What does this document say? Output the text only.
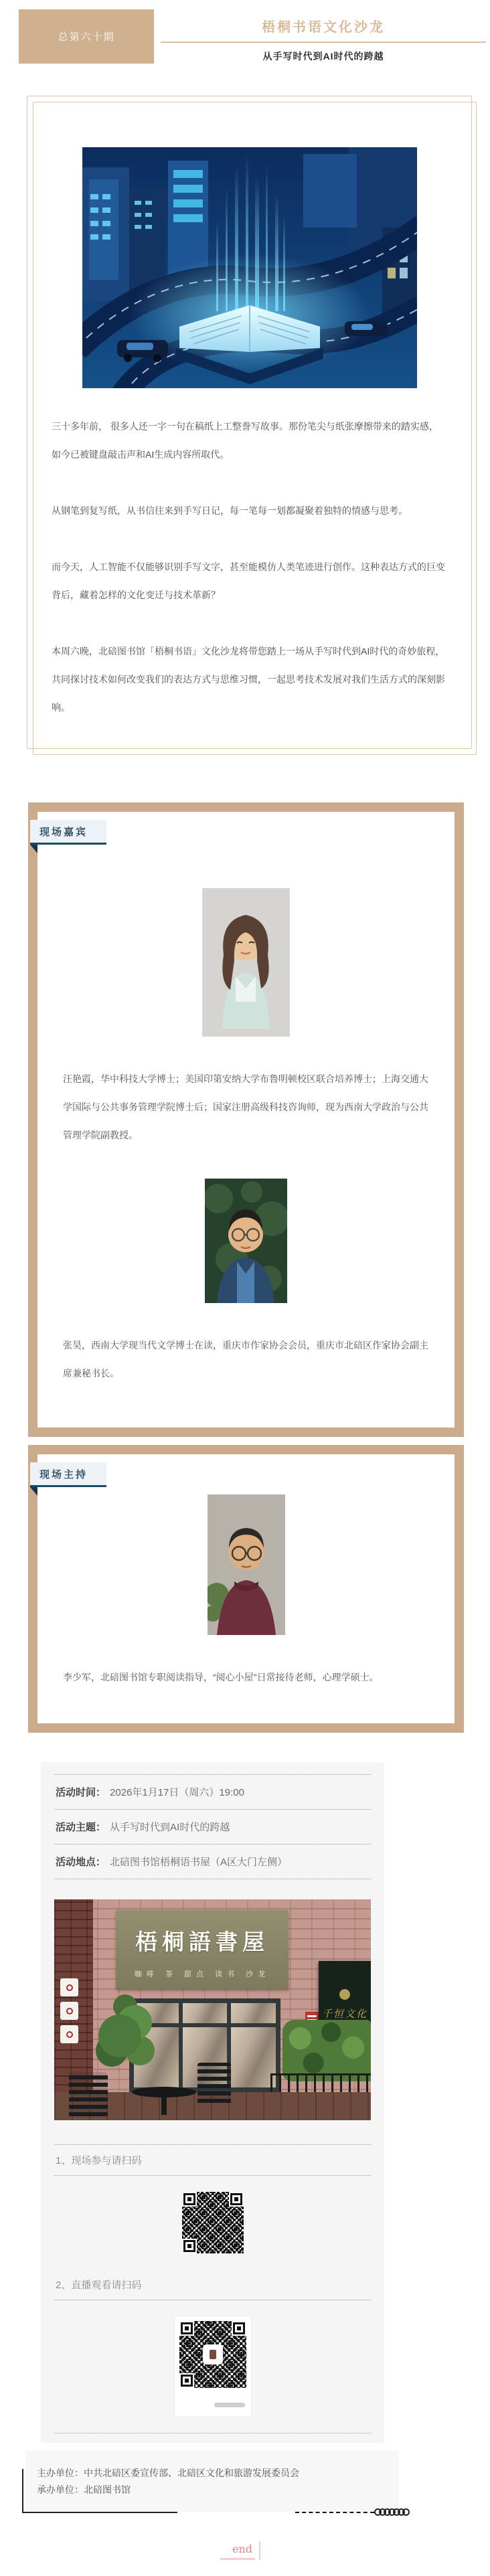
总第六十期
梧桐书语文化沙龙
从手写时代到AI时代的跨越

三十多年前， 很多人还一字一句在稿纸上工整誊写故事。那份笔尖与纸张摩擦带来的踏实感，如今已被键盘敲击声和AI生成内容所取代。

从钢笔到复写纸，从书信往来到手写日记，每一笔每一划都凝聚着独特的情感与思考。

而今天，人工智能不仅能够识别手写文字，甚至能模仿人类笔迹进行创作。这种表达方式的巨变背后，藏着怎样的文化变迁与技术革新？

本周六晚，北碚图书馆「梧桐书语」文化沙龙将带您踏上一场从手写时代到AI时代的奇妙旅程，共同探讨技术如何改变我们的表达方式与思维习惯，一起思考技术发展对我们生活方式的深刻影响。

现场嘉宾

汪艳霞，华中科技大学博士；美国印第安纳大学布鲁明顿校区联合培养博士；上海交通大学国际与公共事务管理学院博士后；国家注册高级科技咨询师，现为西南大学政治与公共管理学院副教授。

张昊，西南大学现当代文学博士在读，重庆市作家协会会员，重庆市北碚区作家协会副主席兼秘书长。

现场主持

李少军，北碚图书馆专职阅读指导，“阅心小屋"日常接待老师，心理学硕士。

活动时间： 2026年1月17日（周六）19:00
活动主题： 从手写时代到AI时代的跨越
活动地点： 北碚图书馆梧桐语书屋（A区大门左侧）
梧桐語書屋
咖啡 茶 甜点 读书 沙龙
千恒文化
1、现场参与请扫码
2、直播观看请扫码

主办单位：中共北碚区委宣传部、北碚区文化和旅游发展委员会

承办单位：北碚图书馆

end
